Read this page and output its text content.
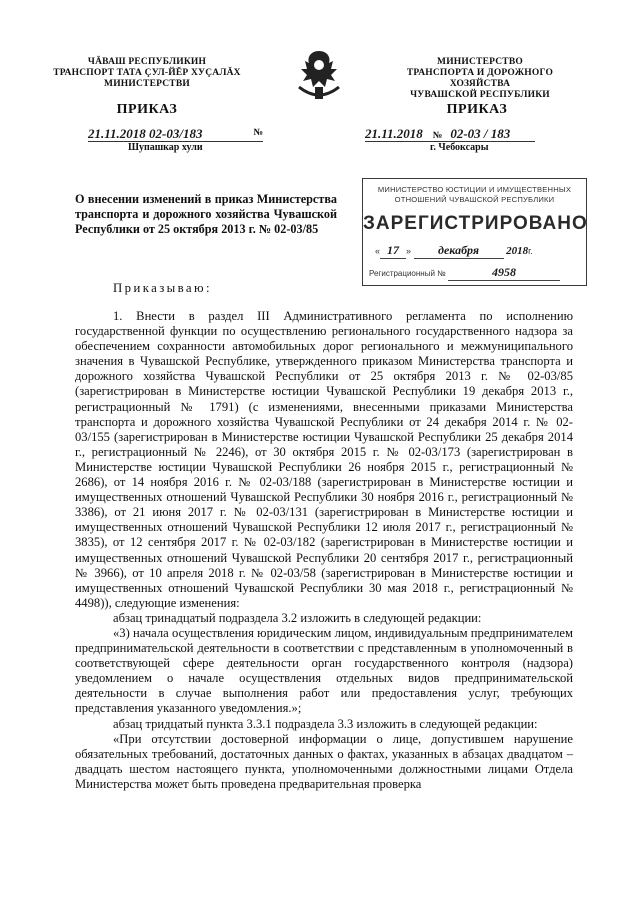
ЧĂВАШ РЕСПУБЛИКИН
ТРАНСПОРТ ТАТА ÇУЛ-ЙĔР ХУÇАЛĂХ
МИНИСТЕРСТВИ
МИНИСТЕРСТВО
ТРАНСПОРТА И ДОРОЖНОГО ХОЗЯЙСТВА
ЧУВАШСКОЙ РЕСПУБЛИКИ
ПРИКАЗ	ПРИКАЗ
21.11.2018 02-03/183	№
Шупашкар хули
21.11.2018 № 02-03 / 183
г. Чебоксары
О внесении изменений в приказ Министерства транспорта и дорожного хозяйства Чувашской Республики от 25 октября 2013 г. № 02-03/85
МИНИСТЕРСТВО ЮСТИЦИИ И ИМУЩЕСТВЕННЫХ
ОТНОШЕНИЙ ЧУВАШСКОЙ РЕСПУБЛИКИ
ЗАРЕГИСТРИРОВАНО
« 17 » декабря 2018г.
Регистрационный №	4958
Приказываю:

1. Внести в раздел III Административного регламента по исполнению государственной функции по осуществлению регионального государственного надзора за обеспечением сохранности автомобильных дорог регионального и межмуниципального значения в Чувашской Республике, утвержденного приказом Министерства транспорта и дорожного хозяйства Чувашской Республики от 25 октября 2013 г. № 02-03/85 (зарегистрирован в Министерстве юстиции Чувашской Республики 19 декабря 2013 г., регистрационный № 1791) (с изменениями, внесенными приказами Министерства транспорта и дорожного хозяйства Чувашской Республики от 24 декабря 2014 г. № 02-03/155 (зарегистрирован в Министерстве юстиции Чувашской Республики 25 декабря 2014 г., регистрационный № 2246), от 30 октября 2015 г. № 02-03/173 (зарегистрирован в Министерстве юстиции Чувашской Республики 26 ноября 2015 г., регистрационный № 2686), от 14 ноября 2016 г. № 02-03/188 (зарегистрирован в Министерстве юстиции и имущественных отношений Чувашской Республики 30 ноября 2016 г., регистрационный № 3386), от 21 июня 2017 г. № 02-03/131 (зарегистрирован в Министерстве юстиции и имущественных отношений Чувашской Республики 12 июля 2017 г., регистрационный № 3835), от 12 сентября 2017 г. № 02-03/182 (зарегистрирован в Министерстве юстиции и имущественных отношений Чувашской Республики 20 сентября 2017 г., регистрационный № 3966), от 10 апреля 2018 г. № 02-03/58 (зарегистрирован в Министерстве юстиции и имущественных отношений Чувашской Республики 30 мая 2018 г., регистрационный № 4498)), следующие изменения:

абзац тринадцатый подраздела 3.2 изложить в следующей редакции:

«3) начала осуществления юридическим лицом, индивидуальным предпринимателем предпринимательской деятельности в соответствии с представленным в уполномоченный в соответствующей сфере деятельности орган государственного контроля (надзора) уведомлением о начале осуществления отдельных видов предпринимательской деятельности в случае выполнения работ или предоставления услуг, требующих представления указанного уведомления.»;

абзац тридцатый пункта 3.3.1 подраздела 3.3 изложить в следующей редакции:

«При отсутствии достоверной информации о лице, допустившем нарушение обязательных требований, достаточных данных о фактах, указанных в абзацах двадцатом – двадцать шестом настоящего пункта, уполномоченными должностными лицами Отдела Министерства может быть проведена предварительная проверка
